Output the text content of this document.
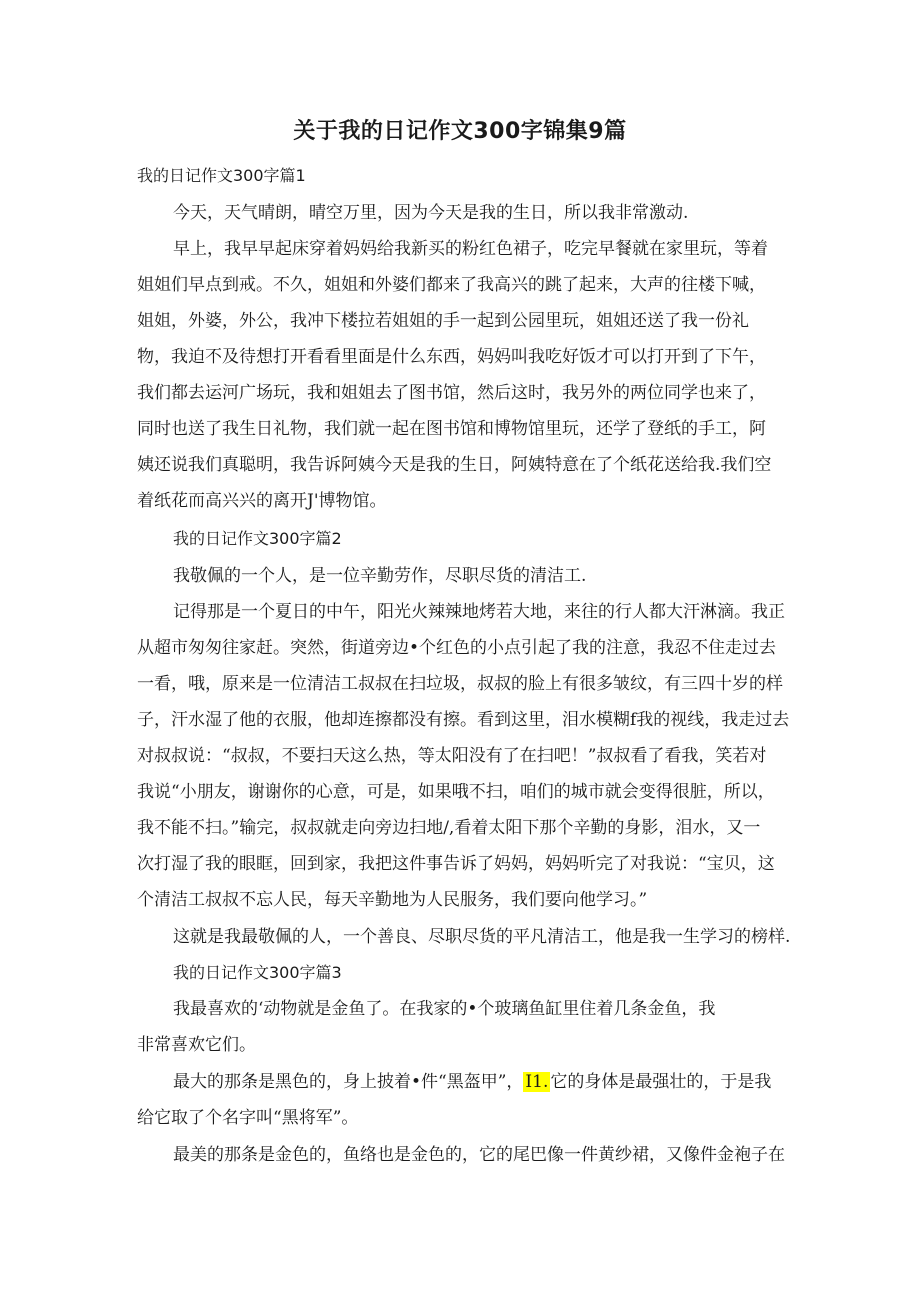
关于我的日记作文300字锦集9篇
我的日记作文300字篇1
今天，天气晴朗，晴空万里，因为今天是我的生日，所以我非常激动.
早上，我早早起床穿着妈妈给我新买的粉红色裙子，吃完早餐就在家里玩，等着
姐姐们早点到戒。不久，姐姐和外婆们都来了我高兴的跳了起来，大声的往楼下喊，
姐姐，外婆，外公，我冲下楼拉若姐姐的手一起到公园里玩，姐姐还送了我一份礼
物，我迫不及待想打开看看里面是什么东西，妈妈叫我吃好饭才可以打开到了下午，
我们都去运河广场玩，我和姐姐去了图书馆，然后这时，我另外的两位同学也来了，
同时也送了我生日礼物，我们就一起在图书馆和博物馆里玩，还学了登纸的手工，阿
姨还说我们真聪明，我告诉阿姨今天是我的生日，阿姨特意在了个纸花送给我.我们空
着纸花而高兴兴的离开J'博物馆。
我的日记作文300字篇2
我敬佩的一个人，是一位辛勤劳作，尽职尽货的清洁工.
记得那是一个夏日的中午，阳光火辣辣地烤若大地，来往的行人都大汗淋滴。我正
从超市匆匆往家赶。突然，街道旁边•个红色的小点引起了我的注意，我忍不住走过去
一看，哦，原来是一位清洁工叔叔在扫垃圾，叔叔的脸上有很多皱纹，有三四十岁的样
子，汗水湿了他的衣服，他却连擦都没有擦。看到这里，泪水模糊f我的视线，我走过去
对叔叔说：“叔叔，不要扫天这么热，等太阳没有了在扫吧！”叔叔看了看我，笑若对
我说“小朋友，谢谢你的心意，可是，如果哦不扫，咱们的城市就会变得很脏，所以，
我不能不扫。”输完，叔叔就走向旁边扫地/,看着太阳下那个辛勤的身影，泪水，又一
次打湿了我的眼眶，回到家，我把这件事告诉了妈妈，妈妈听完了对我说：“宝贝，这
个清洁工叔叔不忘人民，每天辛勤地为人民服务，我们要向他学习。”
这就是我最敬佩的人，一个善良、尽职尽货的平凡清洁工，他是我一生学习的榜样.
我的日记作文300字篇3
我最喜欢的‘动物就是金鱼了。在我家的•个玻璃鱼缸里住着几条金鱼，我
非常喜欢它们。
最大的那条是黑色的，身上披着•件“黑盔甲”， I1. 它的身体是最强壮的，于是我
给它取了个名字叫“黑将军”。
最美的那条是金色的，鱼络也是金色的，它的尾巴像一件黄纱裙，又像件金袍子在
